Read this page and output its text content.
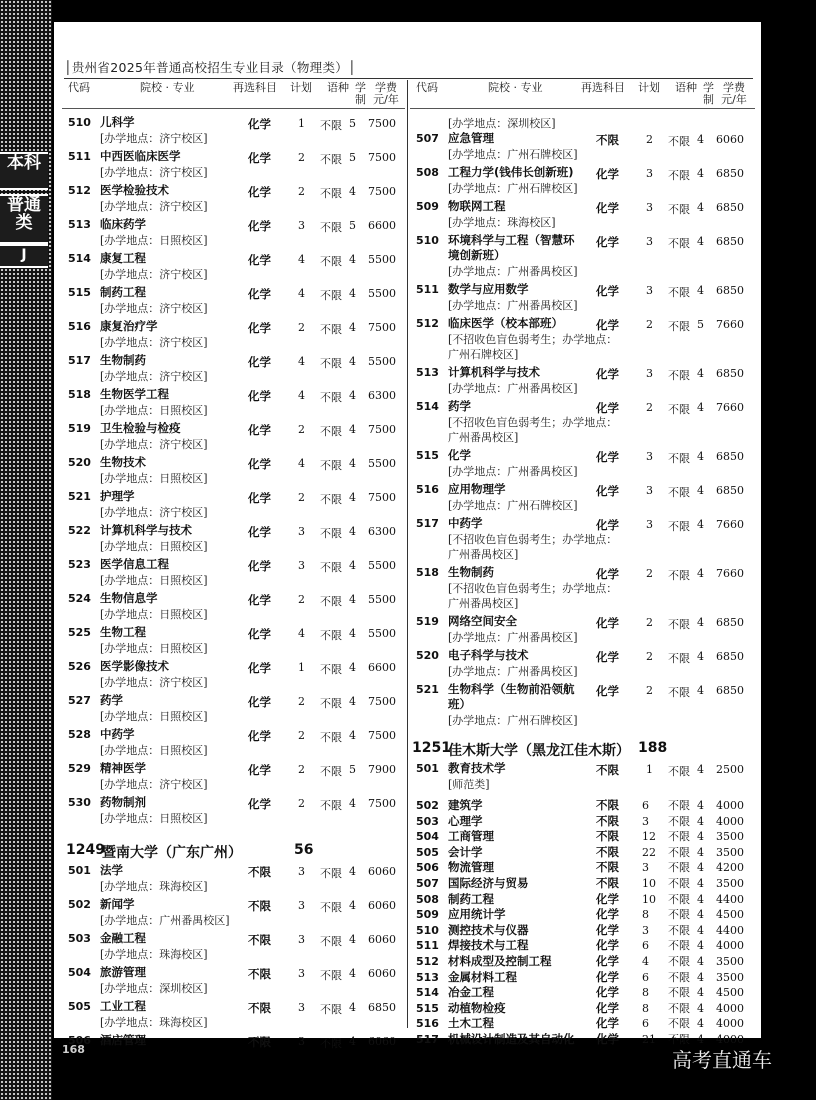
本科
普通类
J
│贵州省2025年普通高校招生专业目录（物理类）│
代码	院校 · 专业	再选科目 计划 语种 学制
学费元/年
510 儿科学
[办学地点：济宁校区]
化学 1 不限 5 7500
511 中西医临床医学
[办学地点：济宁校区]
化学 2 不限 5 7500
512 医学检验技术
[办学地点：济宁校区]
化学 2 不限 4 7500
513 临床药学
[办学地点：日照校区]
化学 3 不限 5 6600
514 康复工程
[办学地点：济宁校区]
化学 4 不限 4 5500
515 制药工程
[办学地点：济宁校区]
化学 4 不限 4 5500
516 康复治疗学
[办学地点：济宁校区]
化学 2 不限 4 7500
517 生物制药
[办学地点：济宁校区]
化学 4 不限 4 5500
518 生物医学工程
[办学地点：日照校区]
化学 4 不限 4 6300
519 卫生检验与检疫
[办学地点：济宁校区]
化学 2 不限 4 7500
520 生物技术
[办学地点：日照校区]
化学 4 不限 4 5500
521 护理学
[办学地点：济宁校区]
化学 2 不限 4 7500
522 计算机科学与技术
[办学地点：日照校区]
化学 3 不限 4 6300
523 医学信息工程
[办学地点：日照校区]
化学 3 不限 4 5500
524 生物信息学
[办学地点：日照校区]
化学 2 不限 4 5500
525 生物工程
[办学地点：日照校区]
化学 4 不限 4 5500
526 医学影像技术
[办学地点：济宁校区]
化学 1 不限 4 6600
527 药学
[办学地点：日照校区]
化学 2 不限 4 7500
528 中药学
[办学地点：日照校区]
化学 2 不限 4 7500
529 精神医学
[办学地点：济宁校区]
化学 2 不限 5 7900
530 药物制剂
[办学地点：日照校区]
化学 2 不限 4 7500
1249
暨南大学（广东广州）	56
501 法学
[办学地点：珠海校区]
不限 3 不限 4 6060
502 新闻学
[办学地点：广州番禺校区]
不限 3 不限 4 6060
503 金融工程
[办学地点：珠海校区]
不限 3 不限 4 6060
504 旅游管理
[办学地点：深圳校区]
不限 3 不限 4 6060
505 工业工程
[办学地点：珠海校区]
不限 3 不限 4 6850
506 酒店管理	不限 3 不限 4 6060
代码	院校 · 专业	再选科目 计划 语种 学制
学费元/年
[办学地点：深圳校区]
507 应急管理
[办学地点：广州石牌校区]
不限 2 不限 4 6060
508 工程力学(钱伟长创新班)
[办学地点：广州石牌校区]
化学 3 不限 4 6850
509 物联网工程
[办学地点：珠海校区]
化学 3 不限 4 6850
510 环境科学与工程（智慧环
境创新班）
[办学地点：广州番禺校区]
化学 3 不限 4 6850
511 数学与应用数学
[办学地点：广州番禺校区]
化学 3 不限 4 6850
512 临床医学（校本部班）
[不招收色盲色弱考生；办学地点：
广州石牌校区]
化学 2 不限 5 7660
513 计算机科学与技术
[办学地点：广州番禺校区]
化学 3 不限 4 6850
514 药学
[不招收色盲色弱考生；办学地点：
广州番禺校区]
化学 2 不限 4 7660
515 化学
[办学地点：广州番禺校区]
化学 3 不限 4 6850
516 应用物理学
[办学地点：广州石牌校区]
化学 3 不限 4 6850
517 中药学
[不招收色盲色弱考生；办学地点：
广州番禺校区]
化学 3 不限 4 7660
518 生物制药
[不招收色盲色弱考生；办学地点：
广州番禺校区]
化学 2 不限 4 7660
519 网络空间安全
[办学地点：广州番禺校区]
化学 2 不限 4 6850
520 电子科学与技术
[办学地点：广州番禺校区]
化学 2 不限 4 6850
521 生物科学（生物前沿领航
班）
[办学地点：广州石牌校区]
化学 2 不限 4 6850
1251
佳木斯大学（黑龙江佳木斯） 188
501 教育技术学
[师范类]
不限 1 不限 4 2500
502 建筑学	不限 6 不限 4 4000
503 心理学	不限 3 不限 4 4000
504 工商管理	不限 12 不限 4 3500
505 会计学	不限 22 不限 4 3500
506 物流管理	不限 3 不限 4 4200
507 国际经济与贸易	不限 10 不限 4 3500
508 制药工程	化学 10 不限 4 4400
509 应用统计学	化学 8 不限 4 4500
510 测控技术与仪器	化学 3 不限 4 4400
511 焊接技术与工程	化学 6 不限 4 4000
512 材料成型及控制工程	化学 4 不限 4 3500
513 金属材料工程	化学 6 不限 4 3500
514 冶金工程	化学 8 不限 4 4500
515 动植物检疫	化学 8 不限 4 4000
516 土木工程	化学 6 不限 4 4000
517 机械设计制造及其自动化 化学 21 不限 4 4000
168	高考直通车
